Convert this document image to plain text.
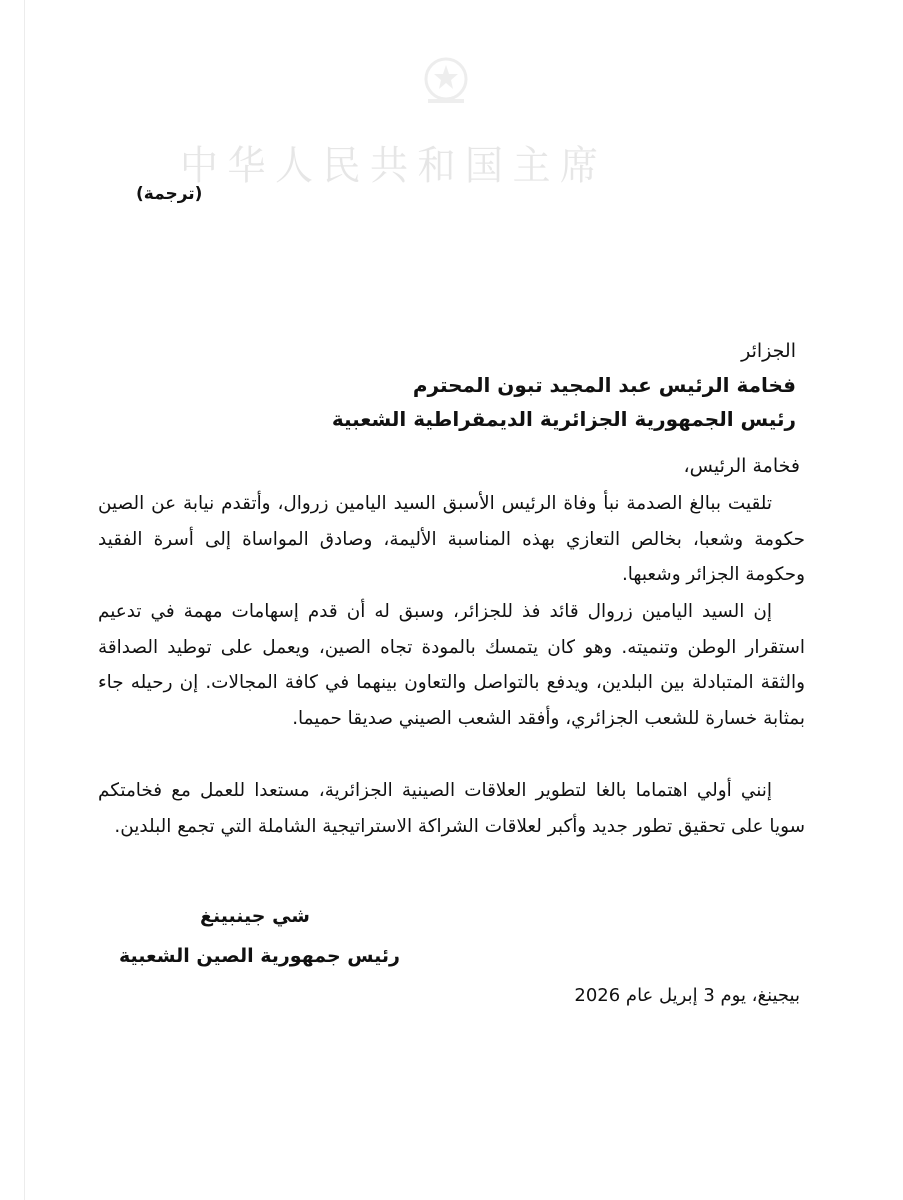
中华人民共和国主席
(ترجمة)
الجزائر
فخامة الرئيس عبد المجيد تبون المحترم
رئيس الجمهورية الجزائرية الديمقراطية الشعبية
فخامة الرئيس،
تلقيت ببالغ الصدمة نبأ وفاة الرئيس الأسبق السيد اليامين زروال، وأتقدم نيابة عن الصين حكومة وشعبا، بخالص التعازي بهذه المناسبة الأليمة، وصادق المواساة إلى أسرة الفقيد وحكومة الجزائر وشعبها.
إن السيد اليامين زروال قائد فذ للجزائر، وسبق له أن قدم إسهامات مهمة في تدعيم استقرار الوطن وتنميته. وهو كان يتمسك بالمودة تجاه الصين، ويعمل على توطيد الصداقة والثقة المتبادلة بين البلدين، ويدفع بالتواصل والتعاون بينهما في كافة المجالات. إن رحيله جاء بمثابة خسارة للشعب الجزائري، وأفقد الشعب الصيني صديقا حميما.
إنني أولي اهتماما بالغا لتطوير العلاقات الصينية الجزائرية، مستعدا للعمل مع فخامتكم سويا على تحقيق تطور جديد وأكبر لعلاقات الشراكة الاستراتيجية الشاملة التي تجمع البلدين.
شي جينبينغ
رئيس جمهورية الصين الشعبية
بيجينغ، يوم 3 إبريل عام 2026
